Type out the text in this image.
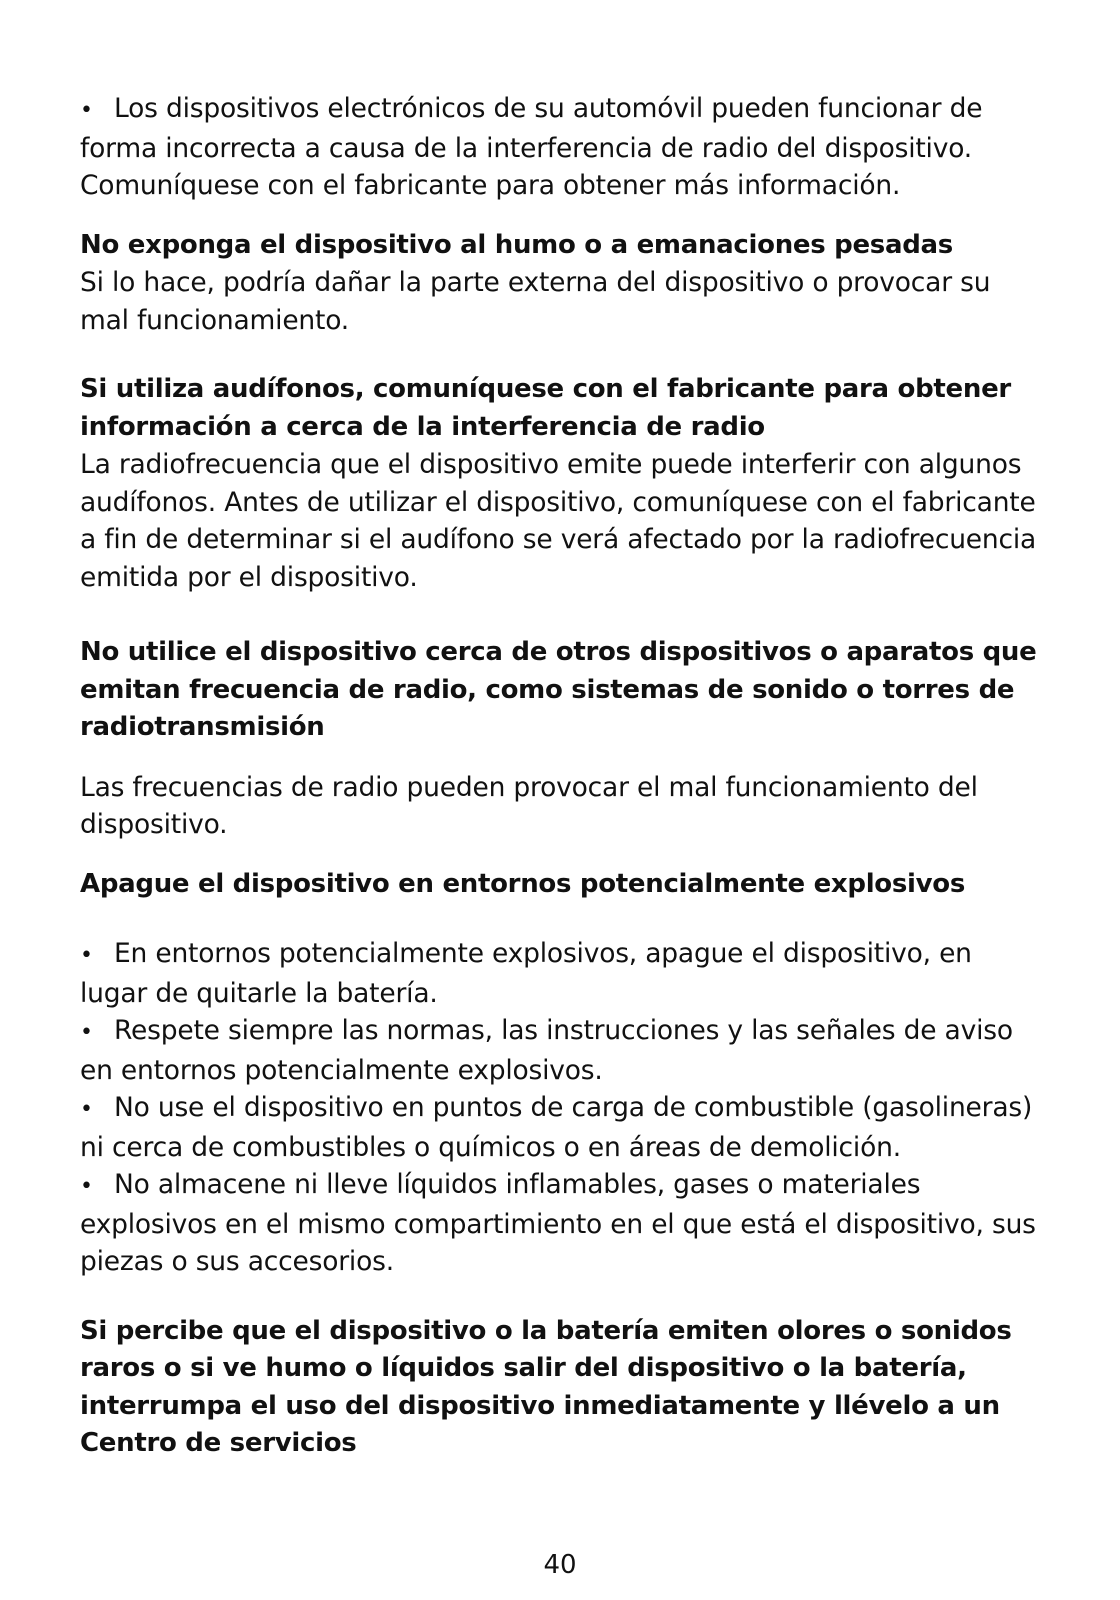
• Los dispositivos electrónicos de su automóvil pueden funcionar de forma incorrecta a causa de la interferencia de radio del dispositivo. Comuníquese con el fabricante para obtener más información.

No exponga el dispositivo al humo o a emanaciones pesadas

Si lo hace, podría dañar la parte externa del dispositivo o provocar su mal funcionamiento.

Si utiliza audífonos, comuníquese con el fabricante para obtener información a cerca de la interferencia de radio

La radiofrecuencia que el dispositivo emite puede interferir con algunos audífonos. Antes de utilizar el dispositivo, comuníquese con el fabricante a fin de determinar si el audífono se verá afectado por la radiofrecuencia emitida por el dispositivo.

No utilice el dispositivo cerca de otros dispositivos o aparatos que emitan frecuencia de radio, como sistemas de sonido o torres de radiotransmisión

Las frecuencias de radio pueden provocar el mal funcionamiento del dispositivo.

Apague el dispositivo en entornos potencialmente explosivos

• En entornos potencialmente explosivos, apague el dispositivo, en lugar de quitarle la batería.

• Respete siempre las normas, las instrucciones y las señales de aviso en entornos potencialmente explosivos.

• No use el dispositivo en puntos de carga de combustible (gasolineras) ni cerca de combustibles o químicos o en áreas de demolición.

• No almacene ni lleve líquidos inflamables, gases o materiales explosivos en el mismo compartimiento en el que está el dispositivo, sus piezas o sus accesorios.

Si percibe que el dispositivo o la batería emiten olores o sonidos raros o si ve humo o líquidos salir del dispositivo o la batería, interrumpa el uso del dispositivo inmediatamente y llévelo a un Centro de servicios

40
